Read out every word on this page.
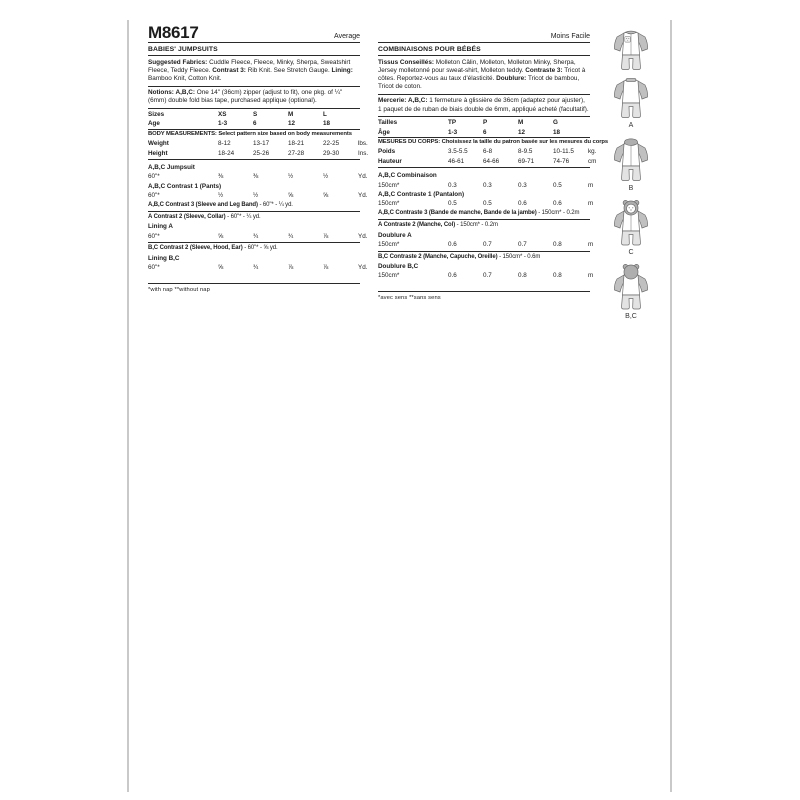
M8617	Average
BABIES' JUMPSUITS

Suggested Fabrics: Cuddle Fleece, Fleece, Minky, Sherpa, Sweatshirt Fleece, Teddy Fleece. Contrast 3: Rib Knit. See Stretch Gauge. Lining: Bamboo Knit, Cotton Knit.

Notions: A,B,C: One 14" (36cm) zipper (adjust to fit), one pkg. of ¼" (6mm) double fold bias tape, purchased applique (optional).

Sizes	XS	S	M	L
Age	1-3	6	12	18
BODY MEASUREMENTS: Select pattern size based on body measurements
Weight	8-12	13-17	18-21	22-25	lbs.
Height	18-24	25-26	27-28	29-30	Ins.
A,B,C Jumpsuit
60"*	⅜	⅜	½	½	Yd.
A,B,C Contrast 1 (Pants)
60"*	½	½	⅝	⅝	Yd.
A,B,C Contrast 3 (Sleeve and Leg Band) - 60"* - ¼ yd.
A Contrast 2 (Sleeve, Collar) - 60"* - ¼ yd.
Lining A
60"*	⅝	¾	¾	⅞	Yd.
B,C Contrast 2 (Sleeve, Hood, Ear) - 60"* - ⅝ yd.
Lining B,C
60"*	⅝	¾	⅞	⅞	Yd.
*with nap **without nap
Moins Facile
COMBINAISONS POUR BÉBÉS

Tissus Conseillés: Molleton Câlin, Molleton, Molleton Minky, Sherpa, Jersey molletonné pour sweat-shirt, Molleton teddy. Contraste 3: Tricot à côtes. Reportez-vous au taux d'élasticité. Doublure: Tricot de bambou, Tricot de coton.

Mercerie: A,B,C: 1 fermeture à glissière de 36cm (adaptez pour ajuster), 1 paquet de de ruban de biais double de 6mm, appliqué acheté (facultatif).

Tailles	TP	P	M	G
Âge	1-3	6	12	18
MESURES DU CORPS: Choisissez la taille du patron basée sur les mesures du corps
Poids	3.5-5.5	6-8	8-9.5	10-11.5	kg.
Hauteur	46-61	64-66	69-71	74-76	cm
A,B,C Combinaison
150cm*	0.3	0.3	0.3	0.5	m
A,B,C Contraste 1 (Pantalon)
150cm*	0.5	0.5	0.6	0.6	m
A,B,C Contraste 3 (Bande de manche, Bande de la jambe) - 150cm* - 0.2m
A Contraste 2 (Manche, Col) - 150cm* - 0.2m
Doublure A
150cm*	0.6	0.7	0.7	0.8	m
B,C Contraste 2 (Manche, Capuche, Oreille) - 150cm* - 0.6m
Doublure B,C
150cm*	0.6	0.7	0.8	0.8	m
*avec sens **sans sens
A
B
C
B,C
